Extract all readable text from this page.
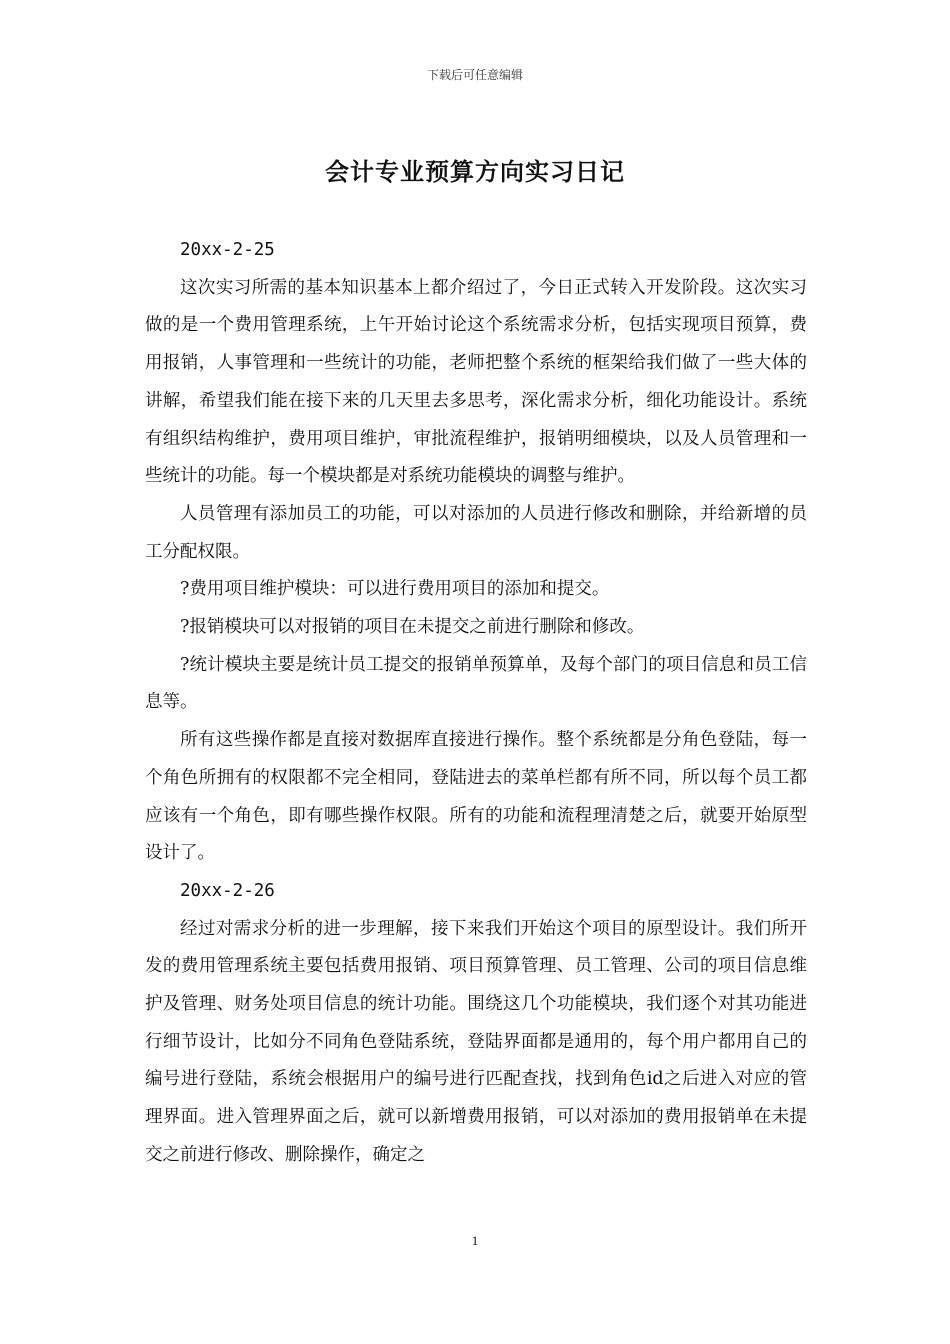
下载后可任意编辑
会计专业预算方向实习日记

20xx-2-25

这次实习所需的基本知识基本上都介绍过了，今日正式转入开发阶段。这次实习做的是一个费用管理系统，上午开始讨论这个系统需求分析，包括实现项目预算，费用报销，人事管理和一些统计的功能，老师把整个系统的框架给我们做了一些大体的讲解，希望我们能在接下来的几天里去多思考，深化需求分析，细化功能设计。系统有组织结构维护，费用项目维护，审批流程维护，报销明细模块，以及人员管理和一些统计的功能。每一个模块都是对系统功能模块的调整与维护。

人员管理有添加员工的功能，可以对添加的人员进行修改和删除，并给新增的员工分配权限。

?费用项目维护模块：可以进行费用项目的添加和提交。

?报销模块可以对报销的项目在未提交之前进行删除和修改。

?统计模块主要是统计员工提交的报销单预算单，及每个部门的项目信息和员工信息等。

所有这些操作都是直接对数据库直接进行操作。整个系统都是分角色登陆，每一个角色所拥有的权限都不完全相同，登陆进去的菜单栏都有所不同，所以每个员工都应该有一个角色，即有哪些操作权限。所有的功能和流程理清楚之后，就要开始原型设计了。

20xx-2-26

经过对需求分析的进一步理解，接下来我们开始这个项目的原型设计。我们所开发的费用管理系统主要包括费用报销、项目预算管理、员工管理、公司的项目信息维护及管理、财务处项目信息的统计功能。围绕这几个功能模块，我们逐个对其功能进行细节设计，比如分不同角色登陆系统，登陆界面都是通用的，每个用户都用自己的编号进行登陆，系统会根据用户的编号进行匹配查找，找到角色id之后进入对应的管理界面。进入管理界面之后，就可以新增费用报销，可以对添加的费用报销单在未提交之前进行修改、删除操作，确定之

1
